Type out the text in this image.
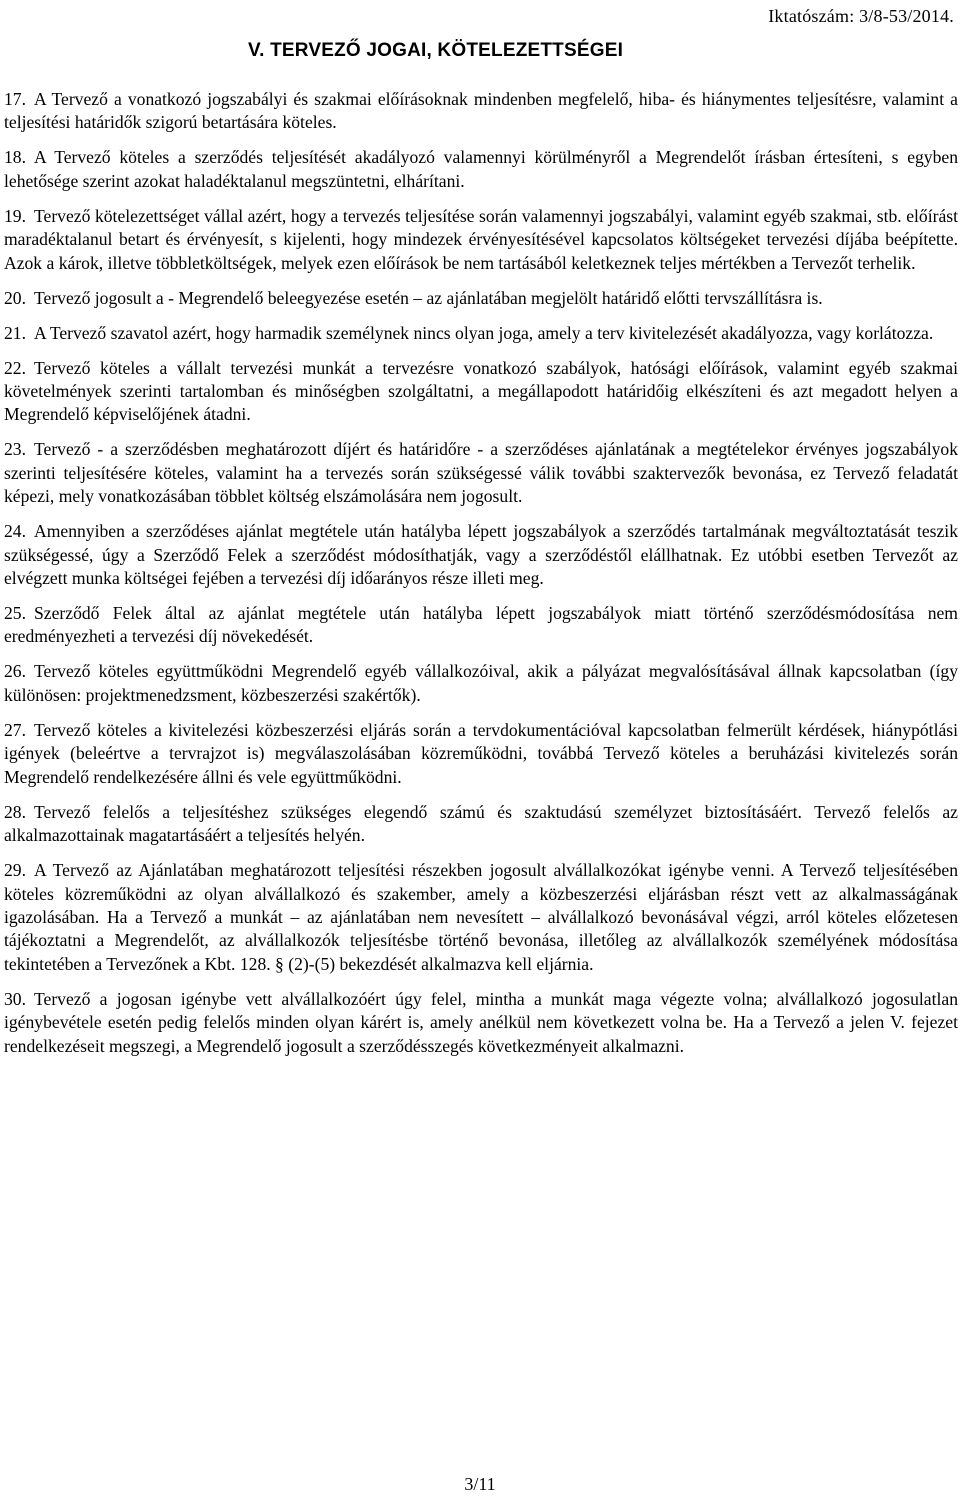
Iktatószám: 3/8-53/2014.
V. TERVEZŐ JOGAI, KÖTELEZETTSÉGEI

17. A Tervező a vonatkozó jogszabályi és szakmai előírásoknak mindenben megfelelő, hiba- és hiánymentes teljesítésre, valamint a teljesítési határidők szigorú betartására köteles.

18. A Tervező köteles a szerződés teljesítését akadályozó valamennyi körülményről a Megrendelőt írásban értesíteni, s egyben lehetősége szerint azokat haladéktalanul megszüntetni, elhárítani.

19. Tervező kötelezettséget vállal azért, hogy a tervezés teljesítése során valamennyi jogszabályi, valamint egyéb szakmai, stb. előírást maradéktalanul betart és érvényesít, s kijelenti, hogy mindezek érvényesítésével kapcsolatos költségeket tervezési díjába beépítette. Azok a károk, illetve többletköltségek, melyek ezen előírások be nem tartásából keletkeznek teljes mértékben a Tervezőt terhelik.

20. Tervező jogosult a - Megrendelő beleegyezése esetén – az ajánlatában megjelölt határidő előtti tervszállításra is.

21. A Tervező szavatol azért, hogy harmadik személynek nincs olyan joga, amely a terv kivitelezését akadályozza, vagy korlátozza.

22. Tervező köteles a vállalt tervezési munkát a tervezésre vonatkozó szabályok, hatósági előírások, valamint egyéb szakmai követelmények szerinti tartalomban és minőségben szolgáltatni, a megállapodott határidőig elkészíteni és azt megadott helyen a Megrendelő képviselőjének átadni.

23. Tervező - a szerződésben meghatározott díjért és határidőre - a szerződéses ajánlatának a megtételekor érvényes jogszabályok szerinti teljesítésére köteles, valamint ha a tervezés során szükségessé válik további szaktervezők bevonása, ez Tervező feladatát képezi, mely vonatkozásában többlet költség elszámolására nem jogosult.

24. Amennyiben a szerződéses ajánlat megtétele után hatályba lépett jogszabályok a szerződés tartalmának megváltoztatását teszik szükségessé, úgy a Szerződő Felek a szerződést módosíthatják, vagy a szerződéstől elállhatnak. Ez utóbbi esetben Tervezőt az elvégzett munka költségei fejében a tervezési díj időarányos része illeti meg.

25. Szerződő Felek által az ajánlat megtétele után hatályba lépett jogszabályok miatt történő szerződésmódosítása nem eredményezheti a tervezési díj növekedését.

26. Tervező köteles együttműködni Megrendelő egyéb vállalkozóival, akik a pályázat megvalósításával állnak kapcsolatban (így különösen: projektmenedzsment, közbeszerzési szakértők).

27. Tervező köteles a kivitelezési közbeszerzési eljárás során a tervdokumentációval kapcsolatban felmerült kérdések, hiánypótlási igények (beleértve a tervrajzot is) megválaszolásában közreműködni, továbbá Tervező köteles a beruházási kivitelezés során Megrendelő rendelkezésére állni és vele együttműködni.

28. Tervező felelős a teljesítéshez szükséges elegendő számú és szaktudású személyzet biztosításáért. Tervező felelős az alkalmazottainak magatartásáért a teljesítés helyén.

29. A Tervező az Ajánlatában meghatározott teljesítési részekben jogosult alvállalkozókat igénybe venni. A Tervező teljesítésében köteles közreműködni az olyan alvállalkozó és szakember, amely a közbeszerzési eljárásban részt vett az alkalmasságának igazolásában. Ha a Tervező a munkát – az ajánlatában nem nevesített – alvállalkozó bevonásával végzi, arról köteles előzetesen tájékoztatni a Megrendelőt, az alvállalkozók teljesítésbe történő bevonása, illetőleg az alvállalkozók személyének módosítása tekintetében a Tervezőnek a Kbt. 128. § (2)-(5) bekezdését alkalmazva kell eljárnia.

30. Tervező a jogosan igénybe vett alvállalkozóért úgy felel, mintha a munkát maga végezte volna; alvállalkozó jogosulatlan igénybevétele esetén pedig felelős minden olyan kárért is, amely anélkül nem következett volna be. Ha a Tervező a jelen V. fejezet rendelkezéseit megszegi, a Megrendelő jogosult a szerződésszegés következményeit alkalmazni.

3/11
